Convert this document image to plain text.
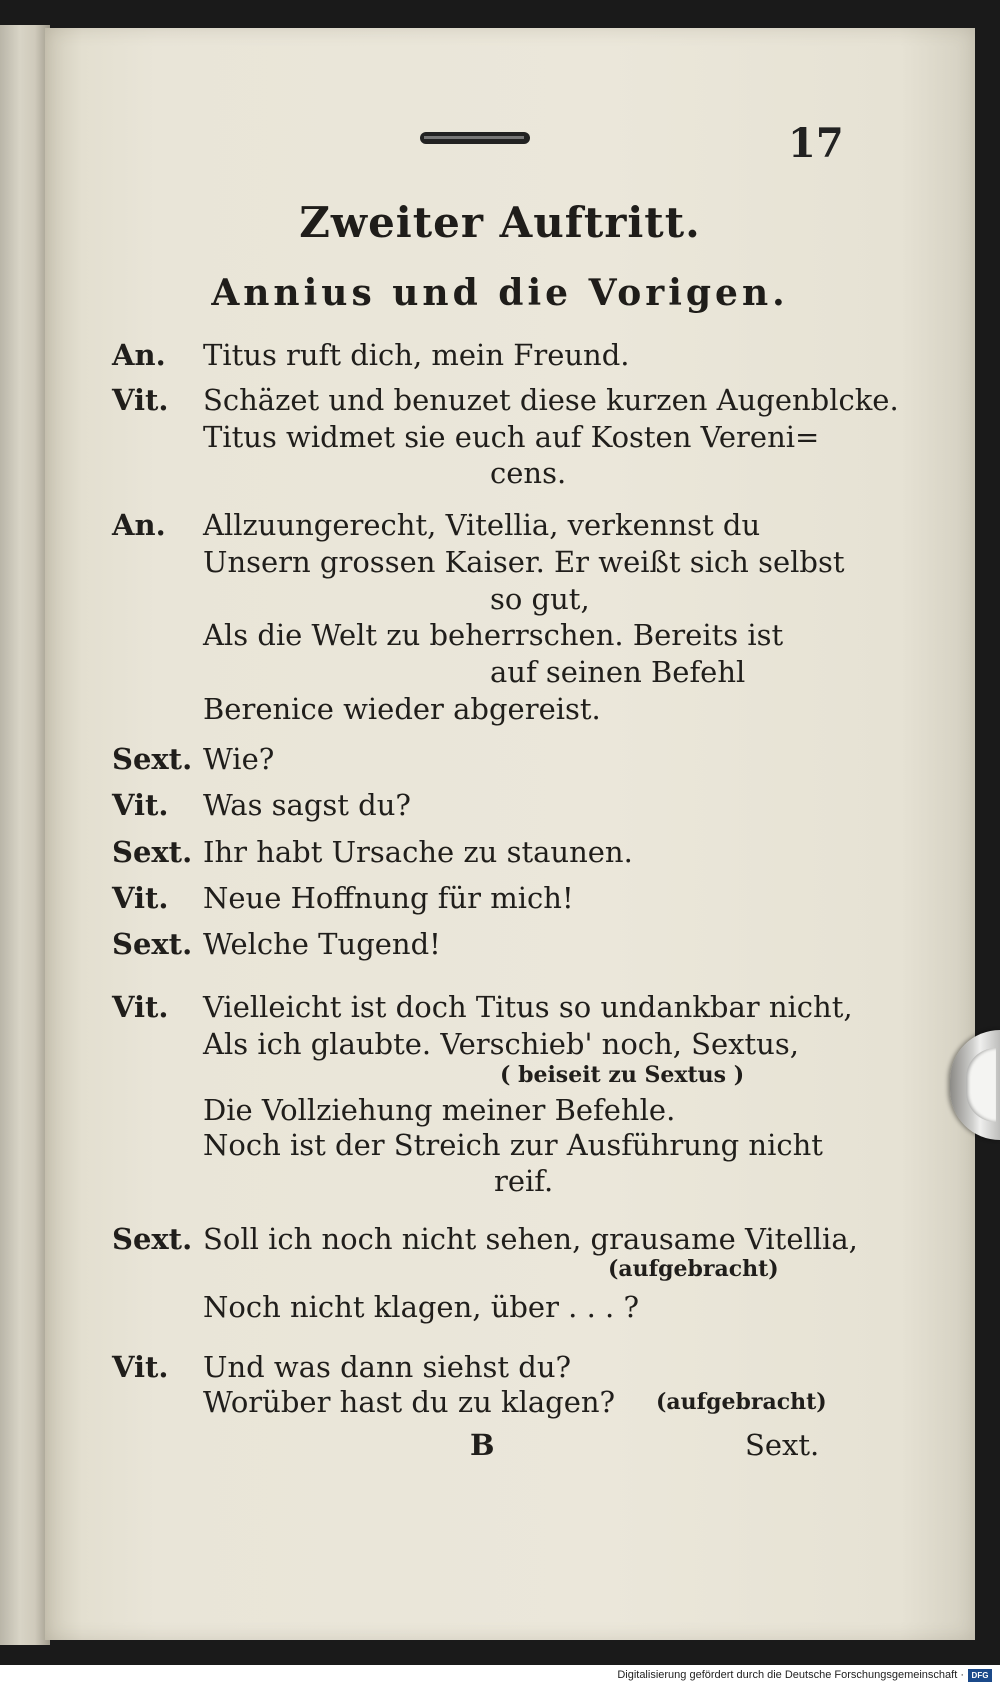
17
Zweiter Auftritt.
Annius und die Vorigen.
An. Titus ruft dich, mein Freund.
Vit. Schäzet und benuzet diese kurzen Augenblcke.
Titus widmet sie euch auf Kosten Vereni=
cens.
An. Allzuungerecht, Vitellia, verkennst du
Unsern grossen Kaiser. Er weißt sich selbst
so gut,
Als die Welt zu beherrschen. Bereits ist
auf seinen Befehl
Berenice wieder abgereist.
Sext. Wie?
Vit. Was sagst du?
Sext. Ihr habt Ursache zu staunen.
Vit. Neue Hoffnung für mich!
Sext. Welche Tugend!
Vit. Vielleicht ist doch Titus so undankbar nicht,
Als ich glaubte. Verschieb' noch, Sextus,
( beiseit zu Sextus )
Die Vollziehung meiner Befehle.
Noch ist der Streich zur Ausführung nicht
reif.
Sext. Soll ich noch nicht sehen, grausame Vitellia,
(aufgebracht)
Noch nicht klagen, über . . . ?
Vit. Und was dann siehst du?
Worüber hast du zu klagen? (aufgebracht)
B	Sext.
Digitalisierung gefördert durch die Deutsche Forschungsgemeinschaft · DFG
